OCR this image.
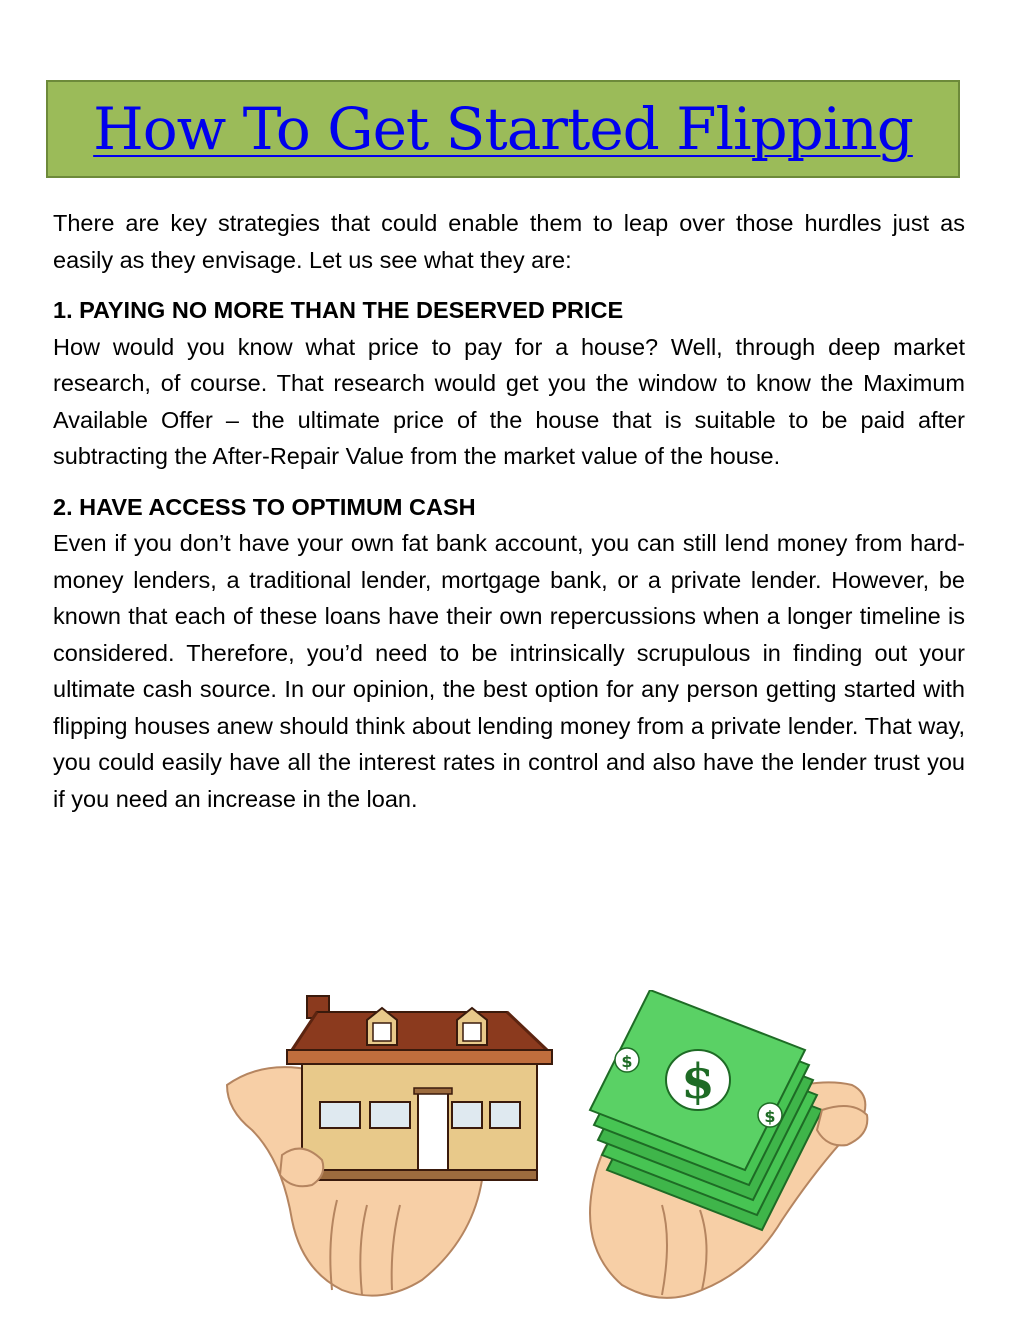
How To Get Started Flipping

There are key strategies that could enable them to leap over those hurdles just as easily as they envisage. Let us see what they are:

1. PAYING NO MORE THAN THE DESERVED PRICE

How would you know what price to pay for a house? Well, through deep market research, of course. That research would get you the window to know the Maximum Available Offer – the ultimate price of the house that is suitable to be paid after subtracting the After-Repair Value from the market value of the house.

2. HAVE ACCESS TO OPTIMUM CASH

Even if you don’t have your own fat bank account, you can still lend money from hard-money lenders, a traditional lender, mortgage bank, or a private lender. However, be known that each of these loans have their own repercussions when a longer timeline is considered. Therefore, you’d need to be intrinsically scrupulous in finding out your ultimate cash source. In our opinion, the best option for any person getting started with flipping houses anew should think about lending money from a private lender. That way, you could easily have all the interest rates in control and also have the lender trust you if you need an increase in the loan.

$
$
$
